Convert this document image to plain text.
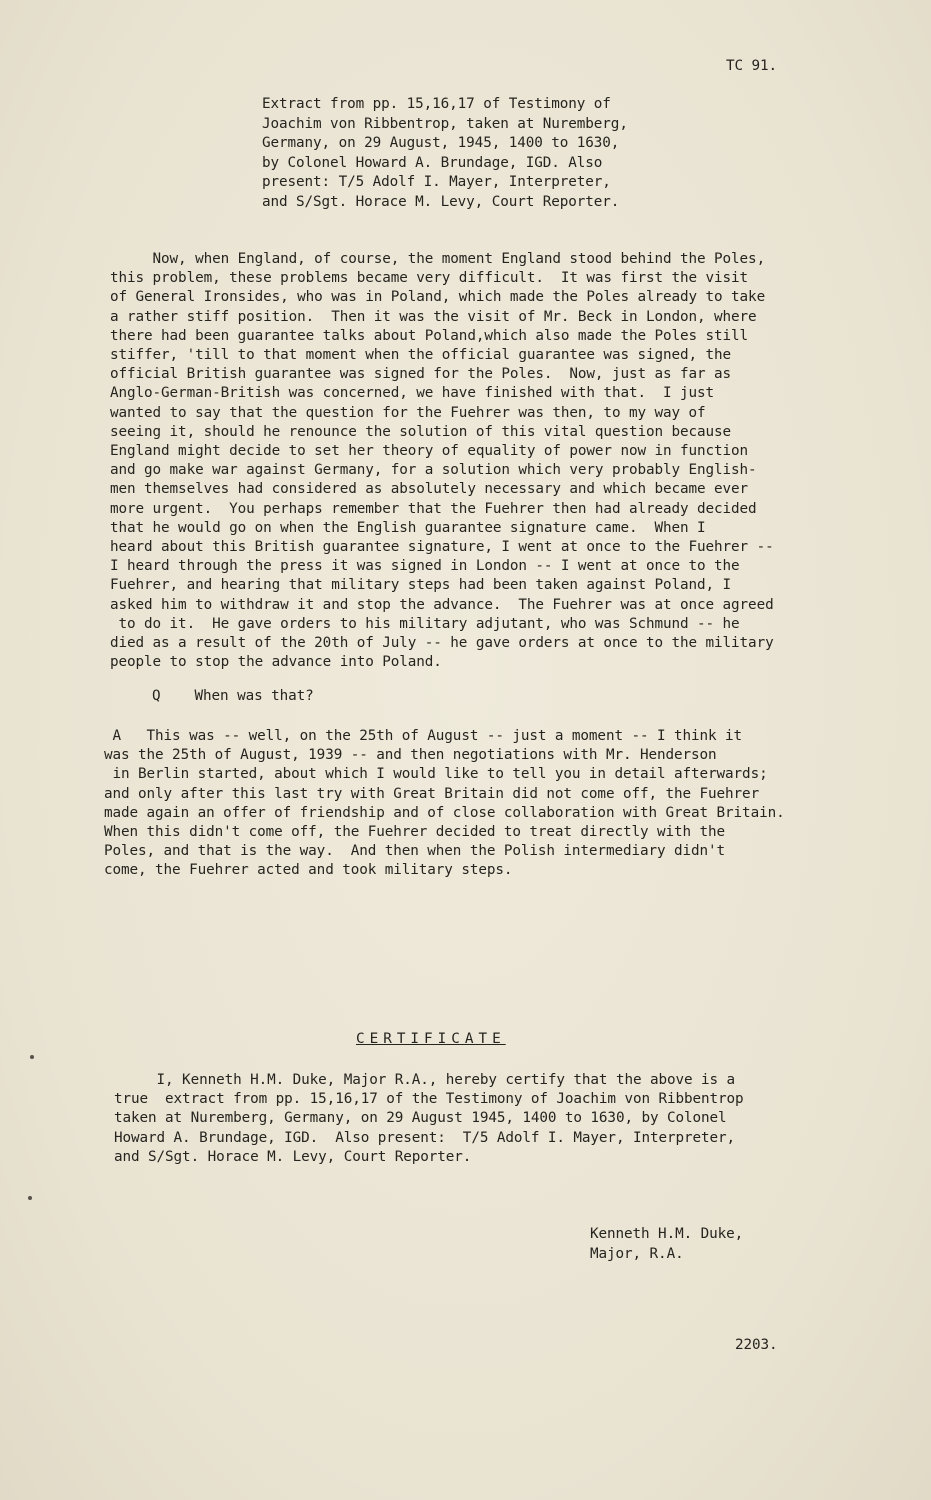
TC 91.
Extract from pp. 15,16,17 of Testimony of
Joachim von Ribbentrop, taken at Nuremberg,
Germany, on 29 August, 1945, 1400 to 1630,
by Colonel Howard A. Brundage, IGD. Also
present: T/5 Adolf I. Mayer, Interpreter,
and S/Sgt. Horace M. Levy, Court Reporter.
Now, when England, of course, the moment England stood behind the Poles,
this problem, these problems became very difficult.  It was first the visit
of General Ironsides, who was in Poland, which made the Poles already to take
a rather stiff position.  Then it was the visit of Mr. Beck in London, where
there had been guarantee talks about Poland,which also made the Poles still
stiffer, 'till to that moment when the official guarantee was signed, the
official British guarantee was signed for the Poles.  Now, just as far as
Anglo-German-British was concerned, we have finished with that.  I just
wanted to say that the question for the Fuehrer was then, to my way of
seeing it, should he renounce the solution of this vital question because
England might decide to set her theory of equality of power now in function
and go make war against Germany, for a solution which very probably English-
men themselves had considered as absolutely necessary and which became ever
more urgent.  You perhaps remember that the Fuehrer then had already decided
that he would go on when the English guarantee signature came.  When I
heard about this British guarantee signature, I went at once to the Fuehrer --
I heard through the press it was signed in London -- I went at once to the
Fuehrer, and hearing that military steps had been taken against Poland, I
asked him to withdraw it and stop the advance.  The Fuehrer was at once agreed
to do it.  He gave orders to his military adjutant, who was Schmund -- he
died as a result of the 20th of July -- he gave orders at once to the military
people to stop the advance into Poland.
Q    When was that?
A   This was -- well, on the 25th of August -- just a moment -- I think it
was the 25th of August, 1939 -- and then negotiations with Mr. Henderson
in Berlin started, about which I would like to tell you in detail afterwards;
and only after this last try with Great Britain did not come off, the Fuehrer
made again an offer of friendship and of close collaboration with Great Britain.
When this didn't come off, the Fuehrer decided to treat directly with the
Poles, and that is the way.  And then when the Polish intermediary didn't
come, the Fuehrer acted and took military steps.
CERTIFICATE
I, Kenneth H.M. Duke, Major R.A., hereby certify that the above is a
true  extract from pp. 15,16,17 of the Testimony of Joachim von Ribbentrop
taken at Nuremberg, Germany, on 29 August 1945, 1400 to 1630, by Colonel
Howard A. Brundage, IGD.  Also present:  T/5 Adolf I. Mayer, Interpreter,
and S/Sgt. Horace M. Levy, Court Reporter.
Kenneth H.M. Duke,
Major, R.A.
2203.
